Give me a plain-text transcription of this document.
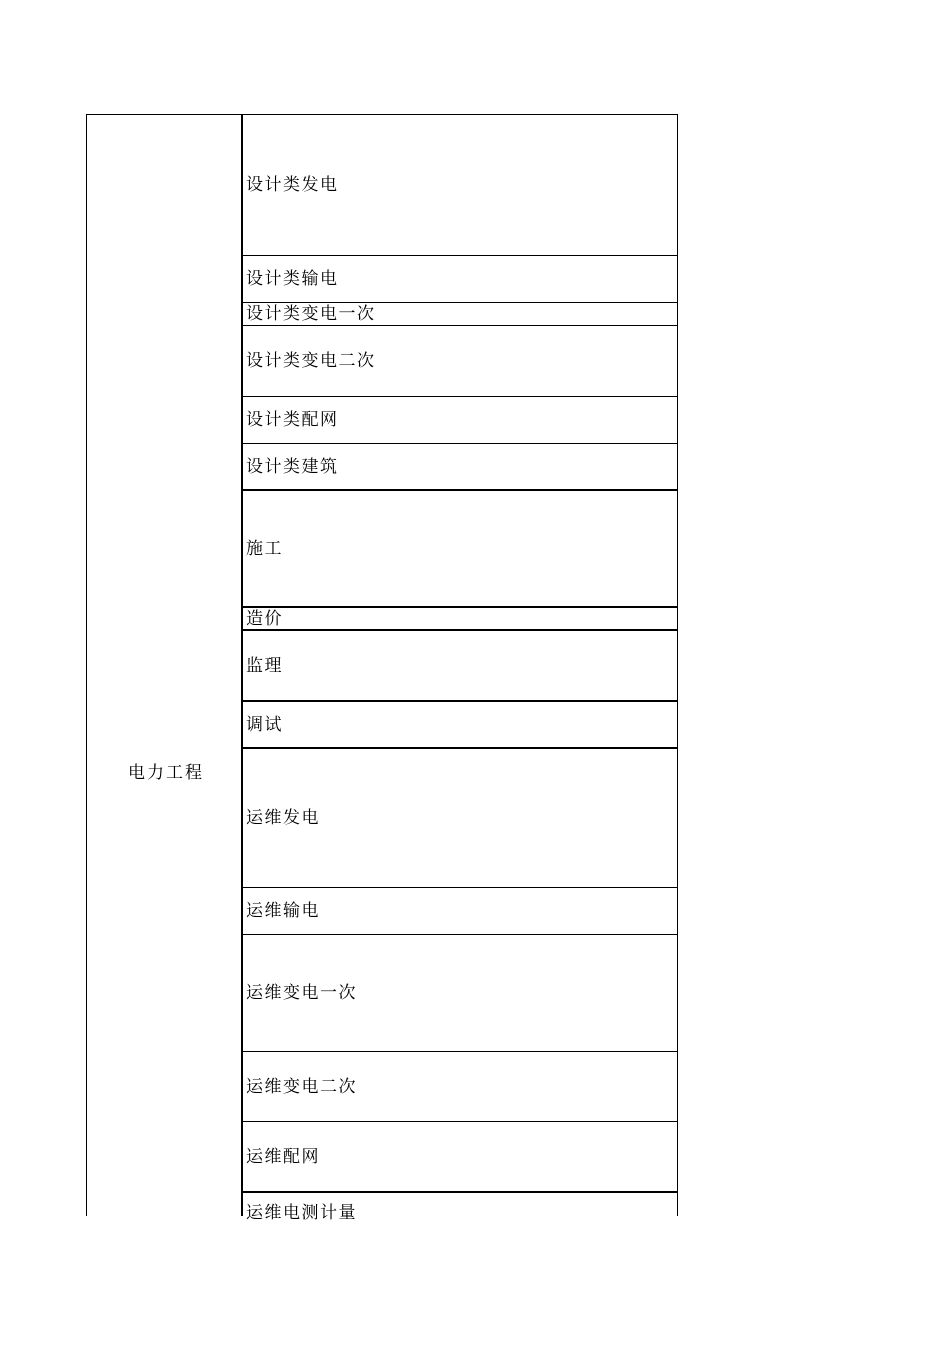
电力工程
设计类发电
设计类输电
设计类变电一次
设计类变电二次
设计类配网
设计类建筑
施工
造价
监理
调试
运维发电
运维输电
运维变电一次
运维变电二次
运维配网
运维电测计量
